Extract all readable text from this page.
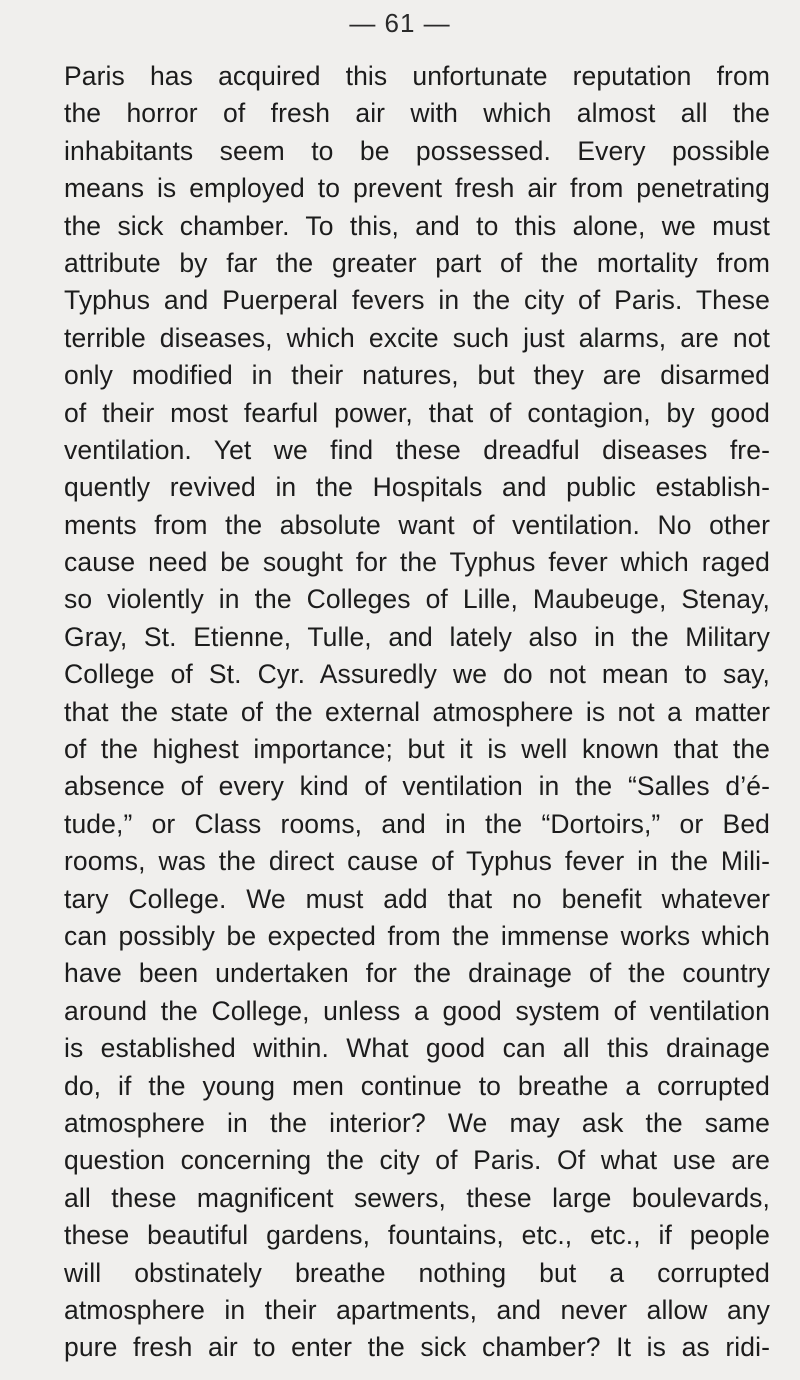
— 61 —
Paris has acquired this unfortunate reputation from
the horror of fresh air with which almost all the
inhabitants seem to be possessed. Every possible
means is employed to prevent fresh air from penetrating
the sick chamber. To this, and to this alone, we must
attribute by far the greater part of the mortality from
Typhus and Puerperal fevers in the city of Paris. These
terrible diseases, which excite such just alarms, are not
only modified in their natures, but they are disarmed
of their most fearful power, that of contagion, by good
ventilation. Yet we find these dreadful diseases fre-
quently revived in the Hospitals and public establish-
ments from the absolute want of ventilation. No other
cause need be sought for the Typhus fever which raged
so violently in the Colleges of Lille, Maubeuge, Stenay,
Gray, St. Etienne, Tulle, and lately also in the Military
College of St. Cyr. Assuredly we do not mean to say,
that the state of the external atmosphere is not a matter
of the highest importance; but it is well known that the
absence of every kind of ventilation in the “Salles d’é-
tude,” or Class rooms, and in the “Dortoirs,” or Bed
rooms, was the direct cause of Typhus fever in the Mili-
tary College. We must add that no benefit whatever
can possibly be expected from the immense works which
have been undertaken for the drainage of the country
around the College, unless a good system of ventilation
is established within. What good can all this drainage
do, if the young men continue to breathe a corrupted
atmosphere in the interior? We may ask the same
question concerning the city of Paris. Of what use are
all these magnificent sewers, these large boulevards,
these beautiful gardens, fountains, etc., etc., if people
will obstinately breathe nothing but a corrupted
atmosphere in their apartments, and never allow any
pure fresh air to enter the sick chamber? It is as ridi-
